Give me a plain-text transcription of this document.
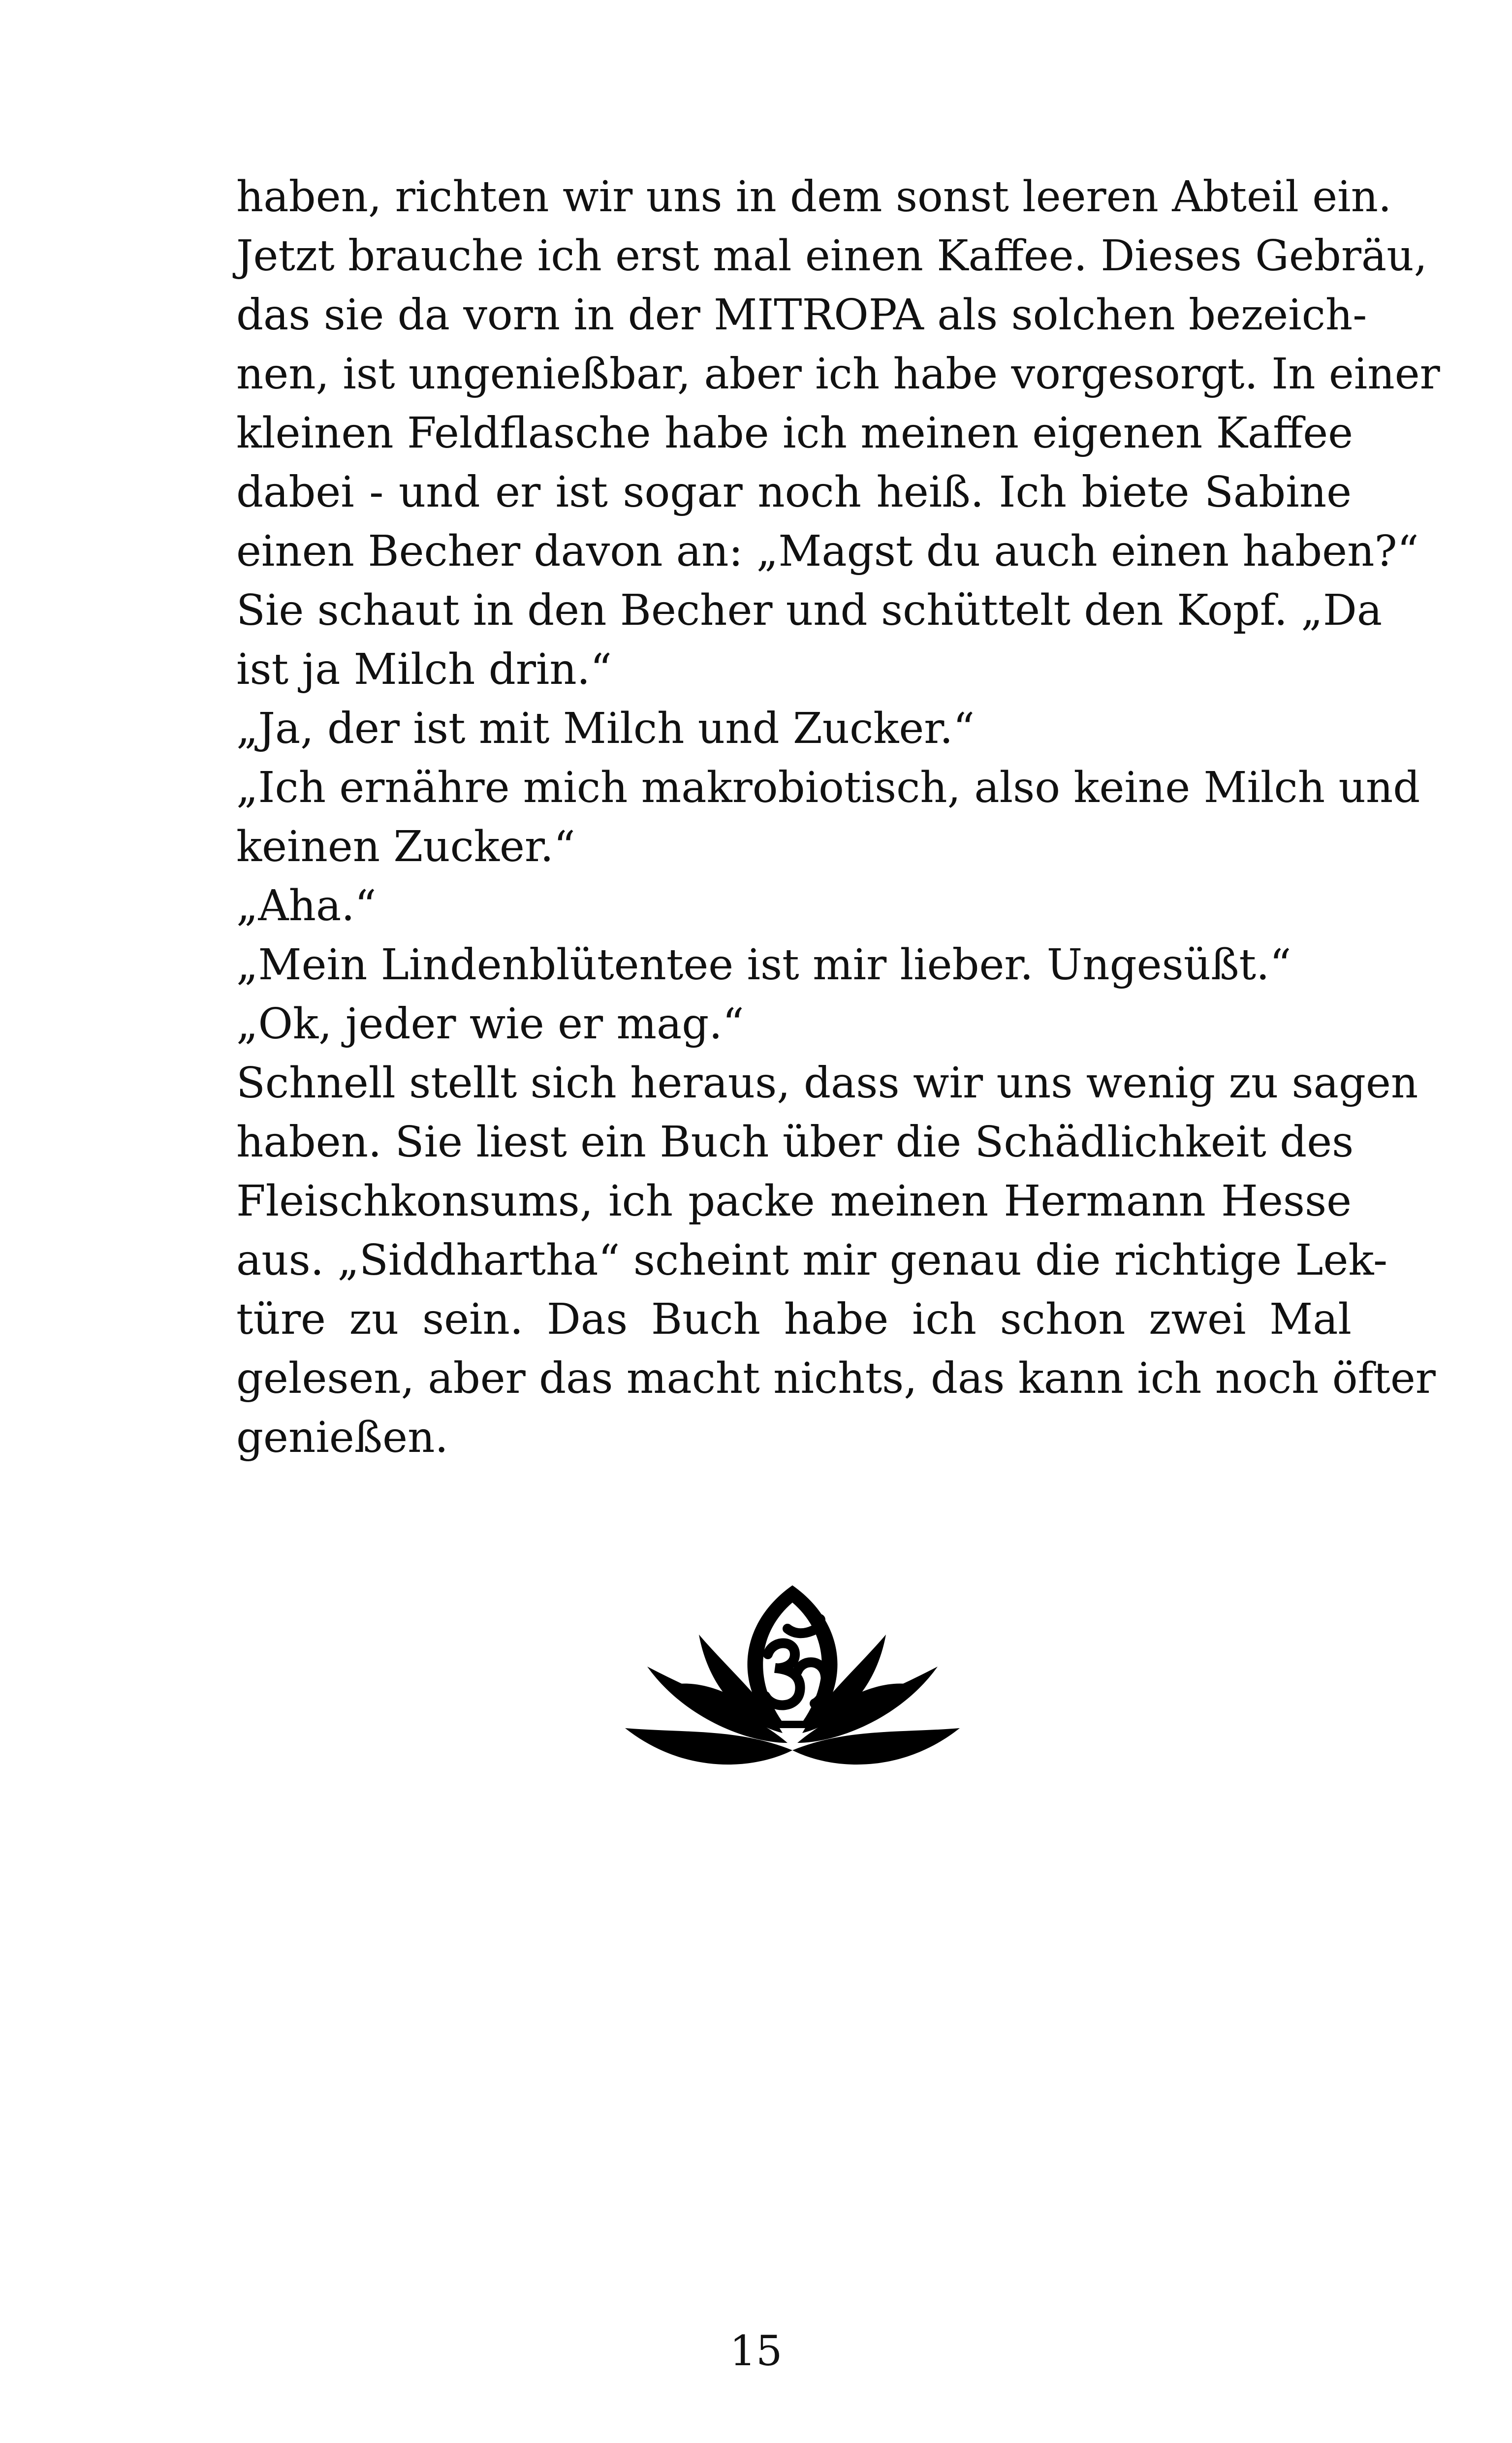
haben, richten wir uns in dem sonst leeren Abteil ein.

Jetzt brauche ich erst mal einen Kaffee. Dieses Gebräu,

das sie da vorn in der MITROPA als solchen bezeich-

nen, ist ungenießbar, aber ich habe vorgesorgt. In einer

kleinen Feldflasche habe ich meinen eigenen Kaffee

dabei - und er ist sogar noch heiß. Ich biete Sabine

einen Becher davon an: „Magst du auch einen haben?“

Sie schaut in den Becher und schüttelt den Kopf. „Da

ist ja Milch drin.“

„Ja, der ist mit Milch und Zucker.“

„Ich ernähre mich makrobiotisch, also keine Milch und

keinen Zucker.“

„Aha.“

„Mein Lindenblütentee ist mir lieber. Ungesüßt.“

„Ok, jeder wie er mag.“

Schnell stellt sich heraus, dass wir uns wenig zu sagen

haben. Sie liest ein Buch über die Schädlichkeit des

Fleischkonsums, ich packe meinen Hermann Hesse

aus. „Siddhartha“ scheint mir genau die richtige Lek-

türe zu sein. Das Buch habe ich schon zwei Mal

gelesen, aber das macht nichts, das kann ich noch öfter

genießen.

15
